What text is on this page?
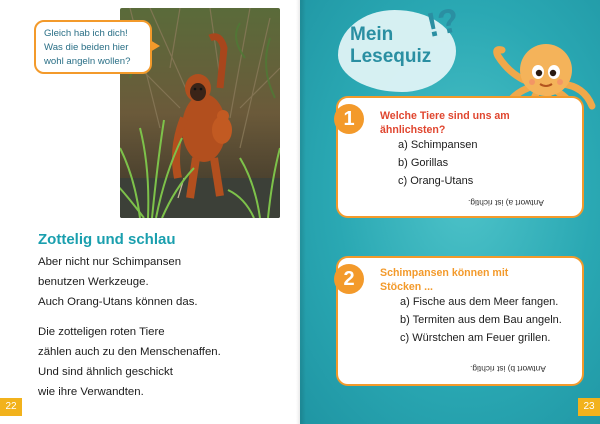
Gleich hab ich dich!
Was die beiden hier
wohl angeln wollen?
Zottelig und schlau
Aber nicht nur Schimpansen
benutzen Werkzeuge.
Auch Orang-Utans können das.
Die zotteligen roten Tiere
zählen auch zu den Menschenaffen.
Und sind ähnlich geschickt
wie ihre Verwandten.
22
Mein
Lesequiz
!?
1	Welche Tiere sind uns am
ähnlichsten?
a) Schimpansen
b) Gorillas
c) Orang-Utans
Antwort a) ist richtig.
2	Schimpansen können mit
Stöcken ...
a) Fische aus dem Meer fangen.
b) Termiten aus dem Bau angeln.
c) Würstchen am Feuer grillen.
Antwort b) ist richtig.
23
